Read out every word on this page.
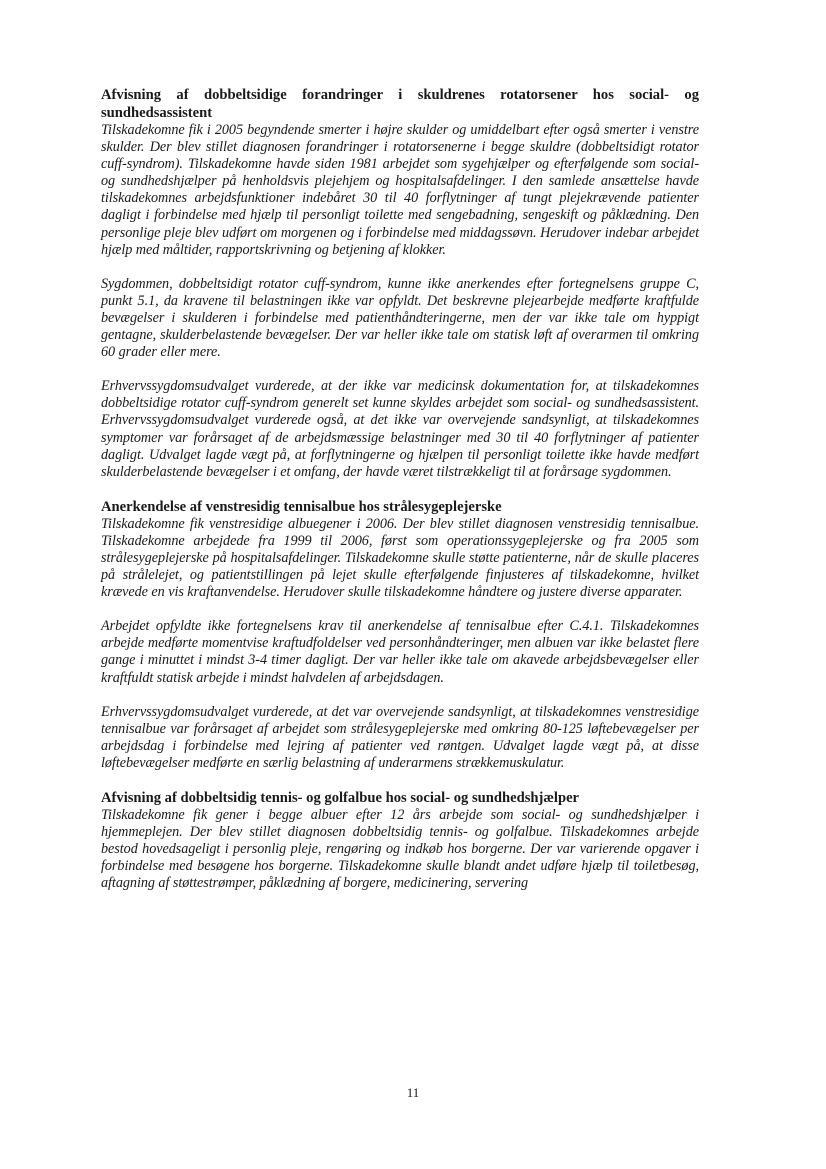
Afvisning af dobbeltsidige forandringer i skuldrenes rotatorsener hos social- og sundhedsassistent

Tilskadekomne fik i 2005 begyndende smerter i højre skulder og umiddelbart efter også smerter i venstre skulder. Der blev stillet diagnosen forandringer i rotatorsenerne i begge skuldre (dobbeltsidigt rotator cuff-syndrom). Tilskadekomne havde siden 1981 arbejdet som sygehjælper og efterfølgende som social- og sundhedshjælper på henholdsvis plejehjem og hospitalsafdelinger. I den samlede ansættelse havde tilskadekomnes arbejdsfunktioner indebåret 30 til 40 forflytninger af tungt plejekrævende patienter dagligt i forbindelse med hjælp til personligt toilette med sengebadning, sengeskift og påklædning. Den personlige pleje blev udført om morgenen og i forbindelse med middagssøvn. Herudover indebar arbejdet hjælp med måltider, rapportskrivning og betjening af klokker.

Sygdommen, dobbeltsidigt rotator cuff-syndrom, kunne ikke anerkendes efter fortegnelsens gruppe C, punkt 5.1, da kravene til belastningen ikke var opfyldt. Det beskrevne plejearbejde medførte kraftfulde bevægelser i skulderen i forbindelse med patienthåndteringerne, men der var ikke tale om hyppigt gentagne, skulderbelastende bevægelser. Der var heller ikke tale om statisk løft af overarmen til omkring 60 grader eller mere.

Erhvervssygdomsudvalget vurderede, at der ikke var medicinsk dokumentation for, at tilskadekomnes dobbeltsidige rotator cuff-syndrom generelt set kunne skyldes arbejdet som social- og sundhedsassistent. Erhvervssygdomsudvalget vurderede også, at det ikke var overvejende sandsynligt, at tilskadekomnes symptomer var forårsaget af de arbejdsmæssige belastninger med 30 til 40 forflytninger af patienter dagligt. Udvalget lagde vægt på, at forflytningerne og hjælpen til personligt toilette ikke havde medført skulderbelastende bevægelser i et omfang, der havde været tilstrækkeligt til at forårsage sygdommen.

Anerkendelse af venstresidig tennisalbue hos strålesygeplejerske

Tilskadekomne fik venstresidige albuegener i 2006. Der blev stillet diagnosen venstresidig tennisalbue. Tilskadekomne arbejdede fra 1999 til 2006, først som operationssygeplejerske og fra 2005 som strålesygeplejerske på hospitalsafdelinger. Tilskadekomne skulle støtte patienterne, når de skulle placeres på strålelejet, og patientstillingen på lejet skulle efterfølgende finjusteres af tilskadekomne, hvilket krævede en vis kraftanvendelse. Herudover skulle tilskadekomne håndtere og justere diverse apparater.

Arbejdet opfyldte ikke fortegnelsens krav til anerkendelse af tennisalbue efter C.4.1. Tilskadekomnes arbejde medførte momentvise kraftudfoldelser ved personhåndteringer, men albuen var ikke belastet flere gange i minuttet i mindst 3-4 timer dagligt. Der var heller ikke tale om akavede arbejdsbevægelser eller kraftfuldt statisk arbejde i mindst halvdelen af arbejdsdagen.

Erhvervssygdomsudvalget vurderede, at det var overvejende sandsynligt, at tilskadekomnes venstresidige tennisalbue var forårsaget af arbejdet som strålesygeplejerske med omkring 80-125 løftebevægelser per arbejdsdag i forbindelse med lejring af patienter ved røntgen. Udvalget lagde vægt på, at disse løftebevægelser medførte en særlig belastning af underarmens strækkemuskulatur.

Afvisning af dobbeltsidig tennis- og golfalbue hos social- og sundhedshjælper

Tilskadekomne fik gener i begge albuer efter 12 års arbejde som social- og sundhedshjælper i hjemmeplejen. Der blev stillet diagnosen dobbeltsidig tennis- og golfalbue. Tilskadekomnes arbejde bestod hovedsageligt i personlig pleje, rengøring og indkøb hos borgerne. Der var varierende opgaver i forbindelse med besøgene hos borgerne. Tilskadekomne skulle blandt andet udføre hjælp til toiletbesøg, aftagning af støttestrømper, påklædning af borgere, medicinering, servering

11
